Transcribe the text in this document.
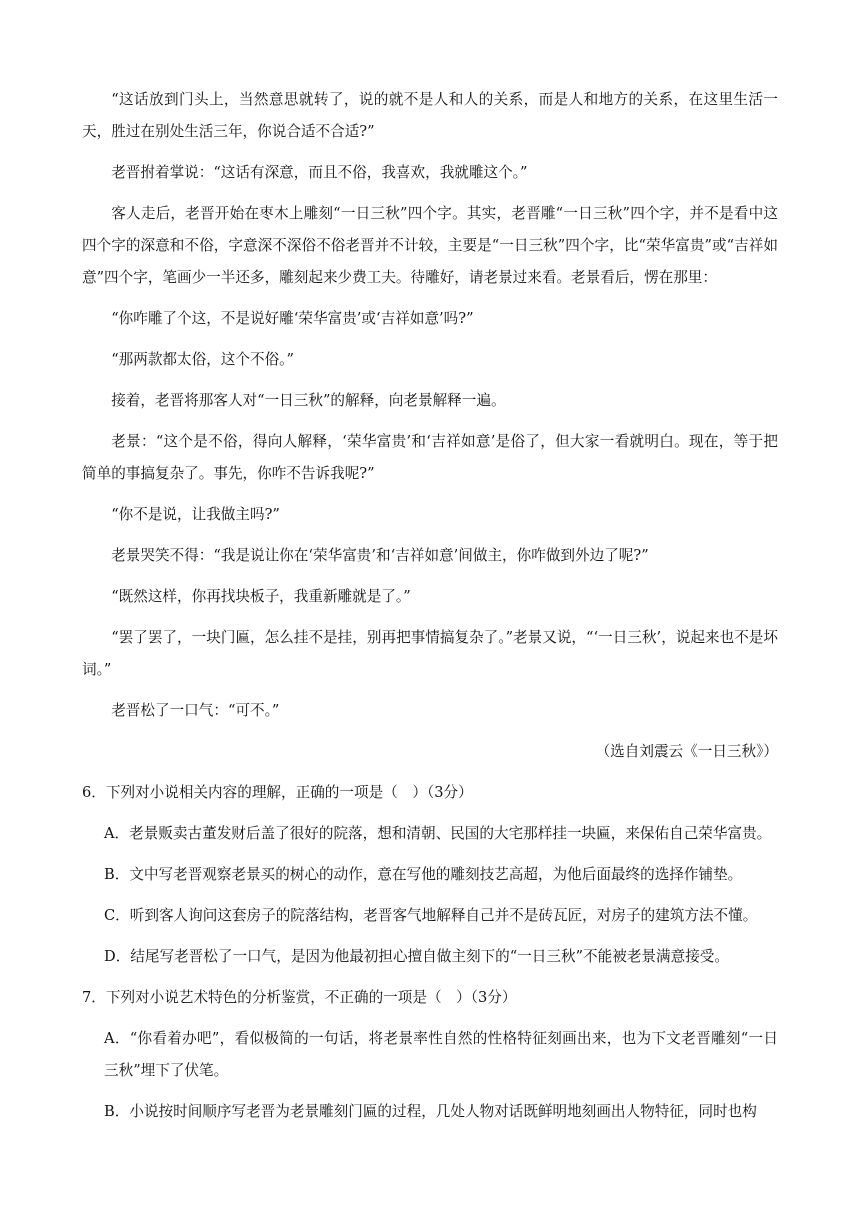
“这话放到门头上，当然意思就转了，说的就不是人和人的关系，而是人和地方的关系，在这里生活一天，胜过在别处生活三年，你说合适不合适?”

老晋拊着掌说：“这话有深意，而且不俗，我喜欢，我就雕这个。”

客人走后，老晋开始在枣木上雕刻“一日三秋”四个字。其实，老晋雕“一日三秋”四个字，并不是看中这四个字的深意和不俗，字意深不深俗不俗老晋并不计较，主要是“一日三秋”四个字，比“荣华富贵”或“吉祥如意”四个字，笔画少一半还多，雕刻起来少费工夫。待雕好，请老景过来看。老景看后，愣在那里：

“你咋雕了个这，不是说好雕‘荣华富贵’或‘吉祥如意’吗?”

“那两款都太俗，这个不俗。”

接着，老晋将那客人对“一日三秋”的解释，向老景解释一遍。

老景：“这个是不俗，得向人解释，‘荣华富贵’和‘吉祥如意’是俗了，但大家一看就明白。现在，等于把简单的事搞复杂了。事先，你咋不告诉我呢?”

“你不是说，让我做主吗?”

老景哭笑不得：“我是说让你在‘荣华富贵’和‘吉祥如意’间做主，你咋做到外边了呢?”

“既然这样，你再找块板子，我重新雕就是了。”

“罢了罢了，一块门匾，怎么挂不是挂，别再把事情搞复杂了。”老景又说，“‘一日三秋’，说起来也不是坏词。”

老晋松了一口气：“可不。”

（选自刘震云《一日三秋》）

6．下列对小说相关内容的理解，正确的一项是（　）（3分）

A．老景贩卖古董发财后盖了很好的院落，想和清朝、民国的大宅那样挂一块匾，来保佑自己荣华富贵。

B．文中写老晋观察老景买的树心的动作，意在写他的雕刻技艺高超，为他后面最终的选择作铺垫。

C．听到客人询问这套房子的院落结构，老晋客气地解释自己并不是砖瓦匠，对房子的建筑方法不懂。

D．结尾写老晋松了一口气，是因为他最初担心擅自做主刻下的“一日三秋”不能被老景满意接受。

7．下列对小说艺术特色的分析鉴赏，不正确的一项是（　）（3分）

A．“你看着办吧”，看似极简的一句话，将老景率性自然的性格特征刻画出来，也为下文老晋雕刻“一日三秋”埋下了伏笔。

B．小说按时间顺序写老晋为老景雕刻门匾的过程，几处人物对话既鲜明地刻画出人物特征，同时也构
